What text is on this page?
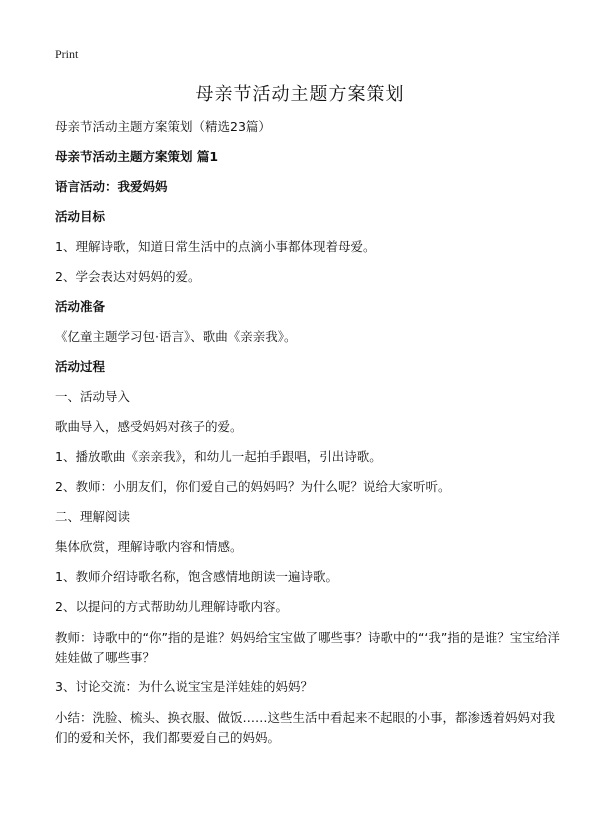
Print
母亲节活动主题方案策划

母亲节活动主题方案策划（精选23篇）

母亲节活动主题方案策划 篇1

语言活动：我爱妈妈

活动目标

1、理解诗歌，知道日常生活中的点滴小事都体现着母爱。

2、学会表达对妈妈的爱。

活动准备

《亿童主题学习包·语言》、歌曲《亲亲我》。

活动过程

一、活动导入

歌曲导入，感受妈妈对孩子的爱。

1、播放歌曲《亲亲我》，和幼儿一起拍手跟唱，引出诗歌。

2、教师：小朋友们，你们爱自己的妈妈吗？为什么呢？说给大家听听。

二、理解阅读

集体欣赏，理解诗歌内容和情感。

1、教师介绍诗歌名称，饱含感情地朗读一遍诗歌。

2、以提问的方式帮助幼儿理解诗歌内容。

教师：诗歌中的“你”指的是谁？妈妈给宝宝做了哪些事？诗歌中的“‘我”指的是谁？宝宝给洋娃娃做了哪些事？

3、讨论交流：为什么说宝宝是洋娃娃的妈妈？

小结：洗脸、梳头、换衣服、做饭……这些生活中看起来不起眼的小事，都渗透着妈妈对我们的爱和关怀，我们都要爱自己的妈妈。
